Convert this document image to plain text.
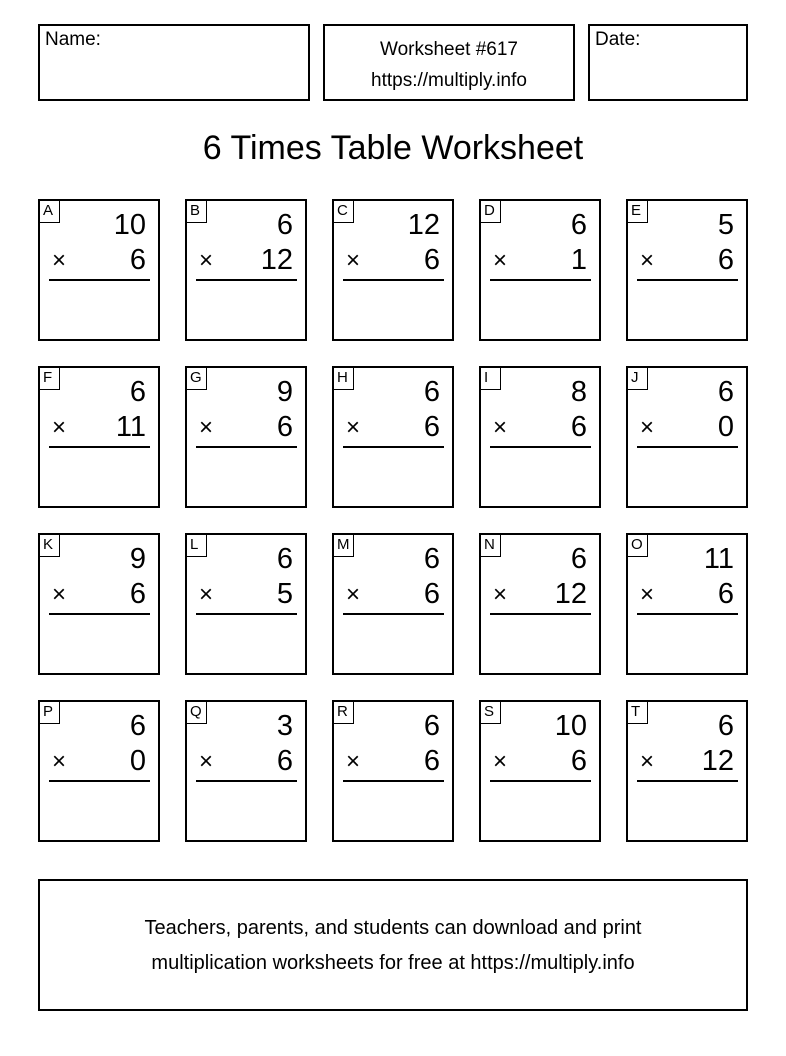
Name:	Worksheet #617
https://multiply.info
Date:
6 Times Table Worksheet
A 10
× 6
B	6
× 12
C 12
× 6
D	6
× 1
E	5
× 6
F	6
× 11
G	9
× 6
H	6
× 6
I	8
× 6
J	6
× 0
K	9
× 6
L	6
× 5
M	6
× 6
N	6
× 12
O 11
× 6
P	6
× 0
Q	3
× 6
R	6
× 6
S 10
× 6
T	6
× 12
Teachers, parents, and students can download and print
multiplication worksheets for free at https://multiply.info
